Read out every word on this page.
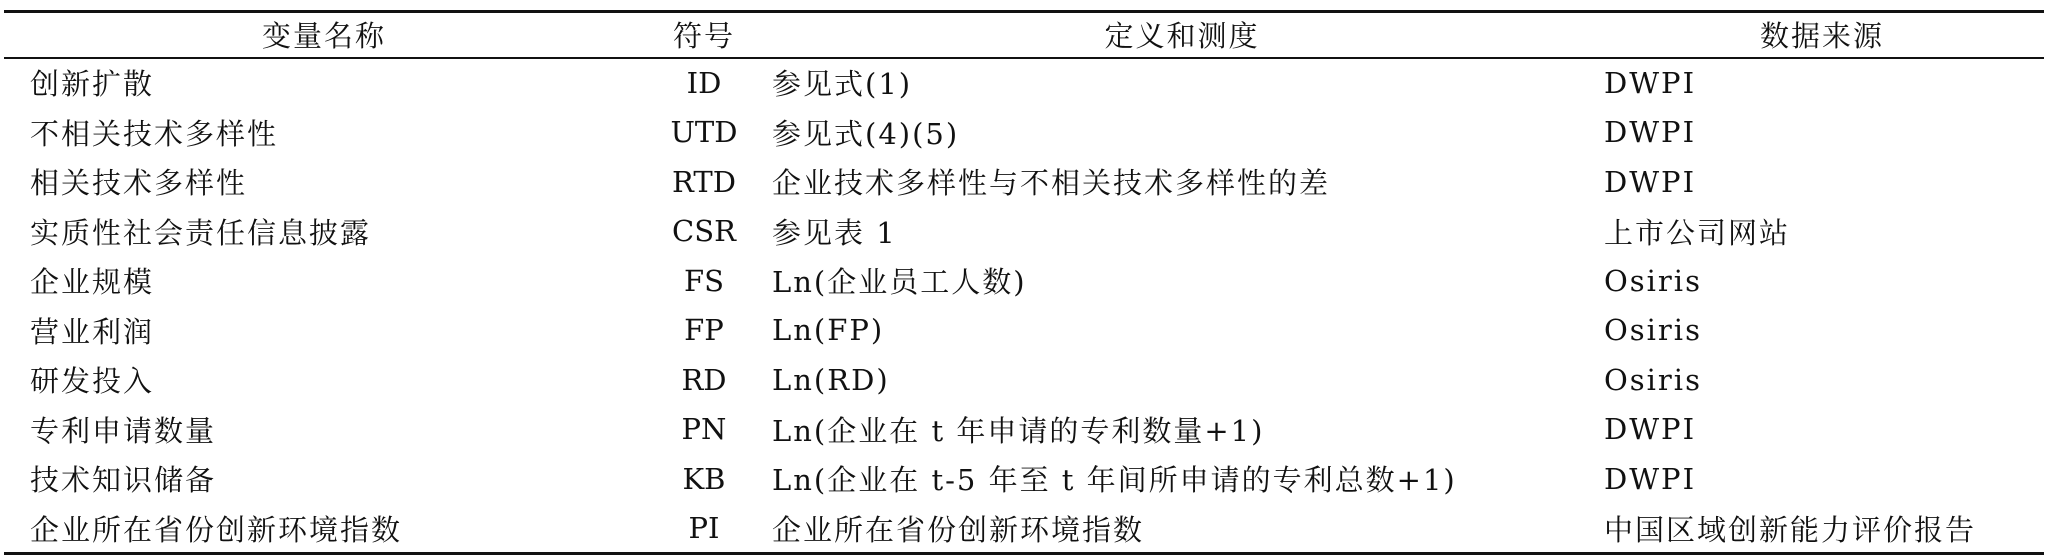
变量名称	符号	定义和测度	数据来源
创新扩散	ID	参见式(1)	DWPI
不相关技术多样性	UTD	参见式(4)(5)	DWPI
相关技术多样性	RTD	企业技术多样性与不相关技术多样性的差	DWPI
实质性社会责任信息披露	CSR	参见表 1	上市公司网站
企业规模	FS	Ln(企业员工人数)	Osiris
营业利润	FP	Ln(FP)	Osiris
研发投入	RD	Ln(RD)	Osiris
专利申请数量	PN	Ln(企业在 t 年申请的专利数量+1)	DWPI
技术知识储备	KB	Ln(企业在 t-5 年至 t 年间所申请的专利总数+1)	DWPI
企业所在省份创新环境指数	PI	企业所在省份创新环境指数	中国区域创新能力评价报告
